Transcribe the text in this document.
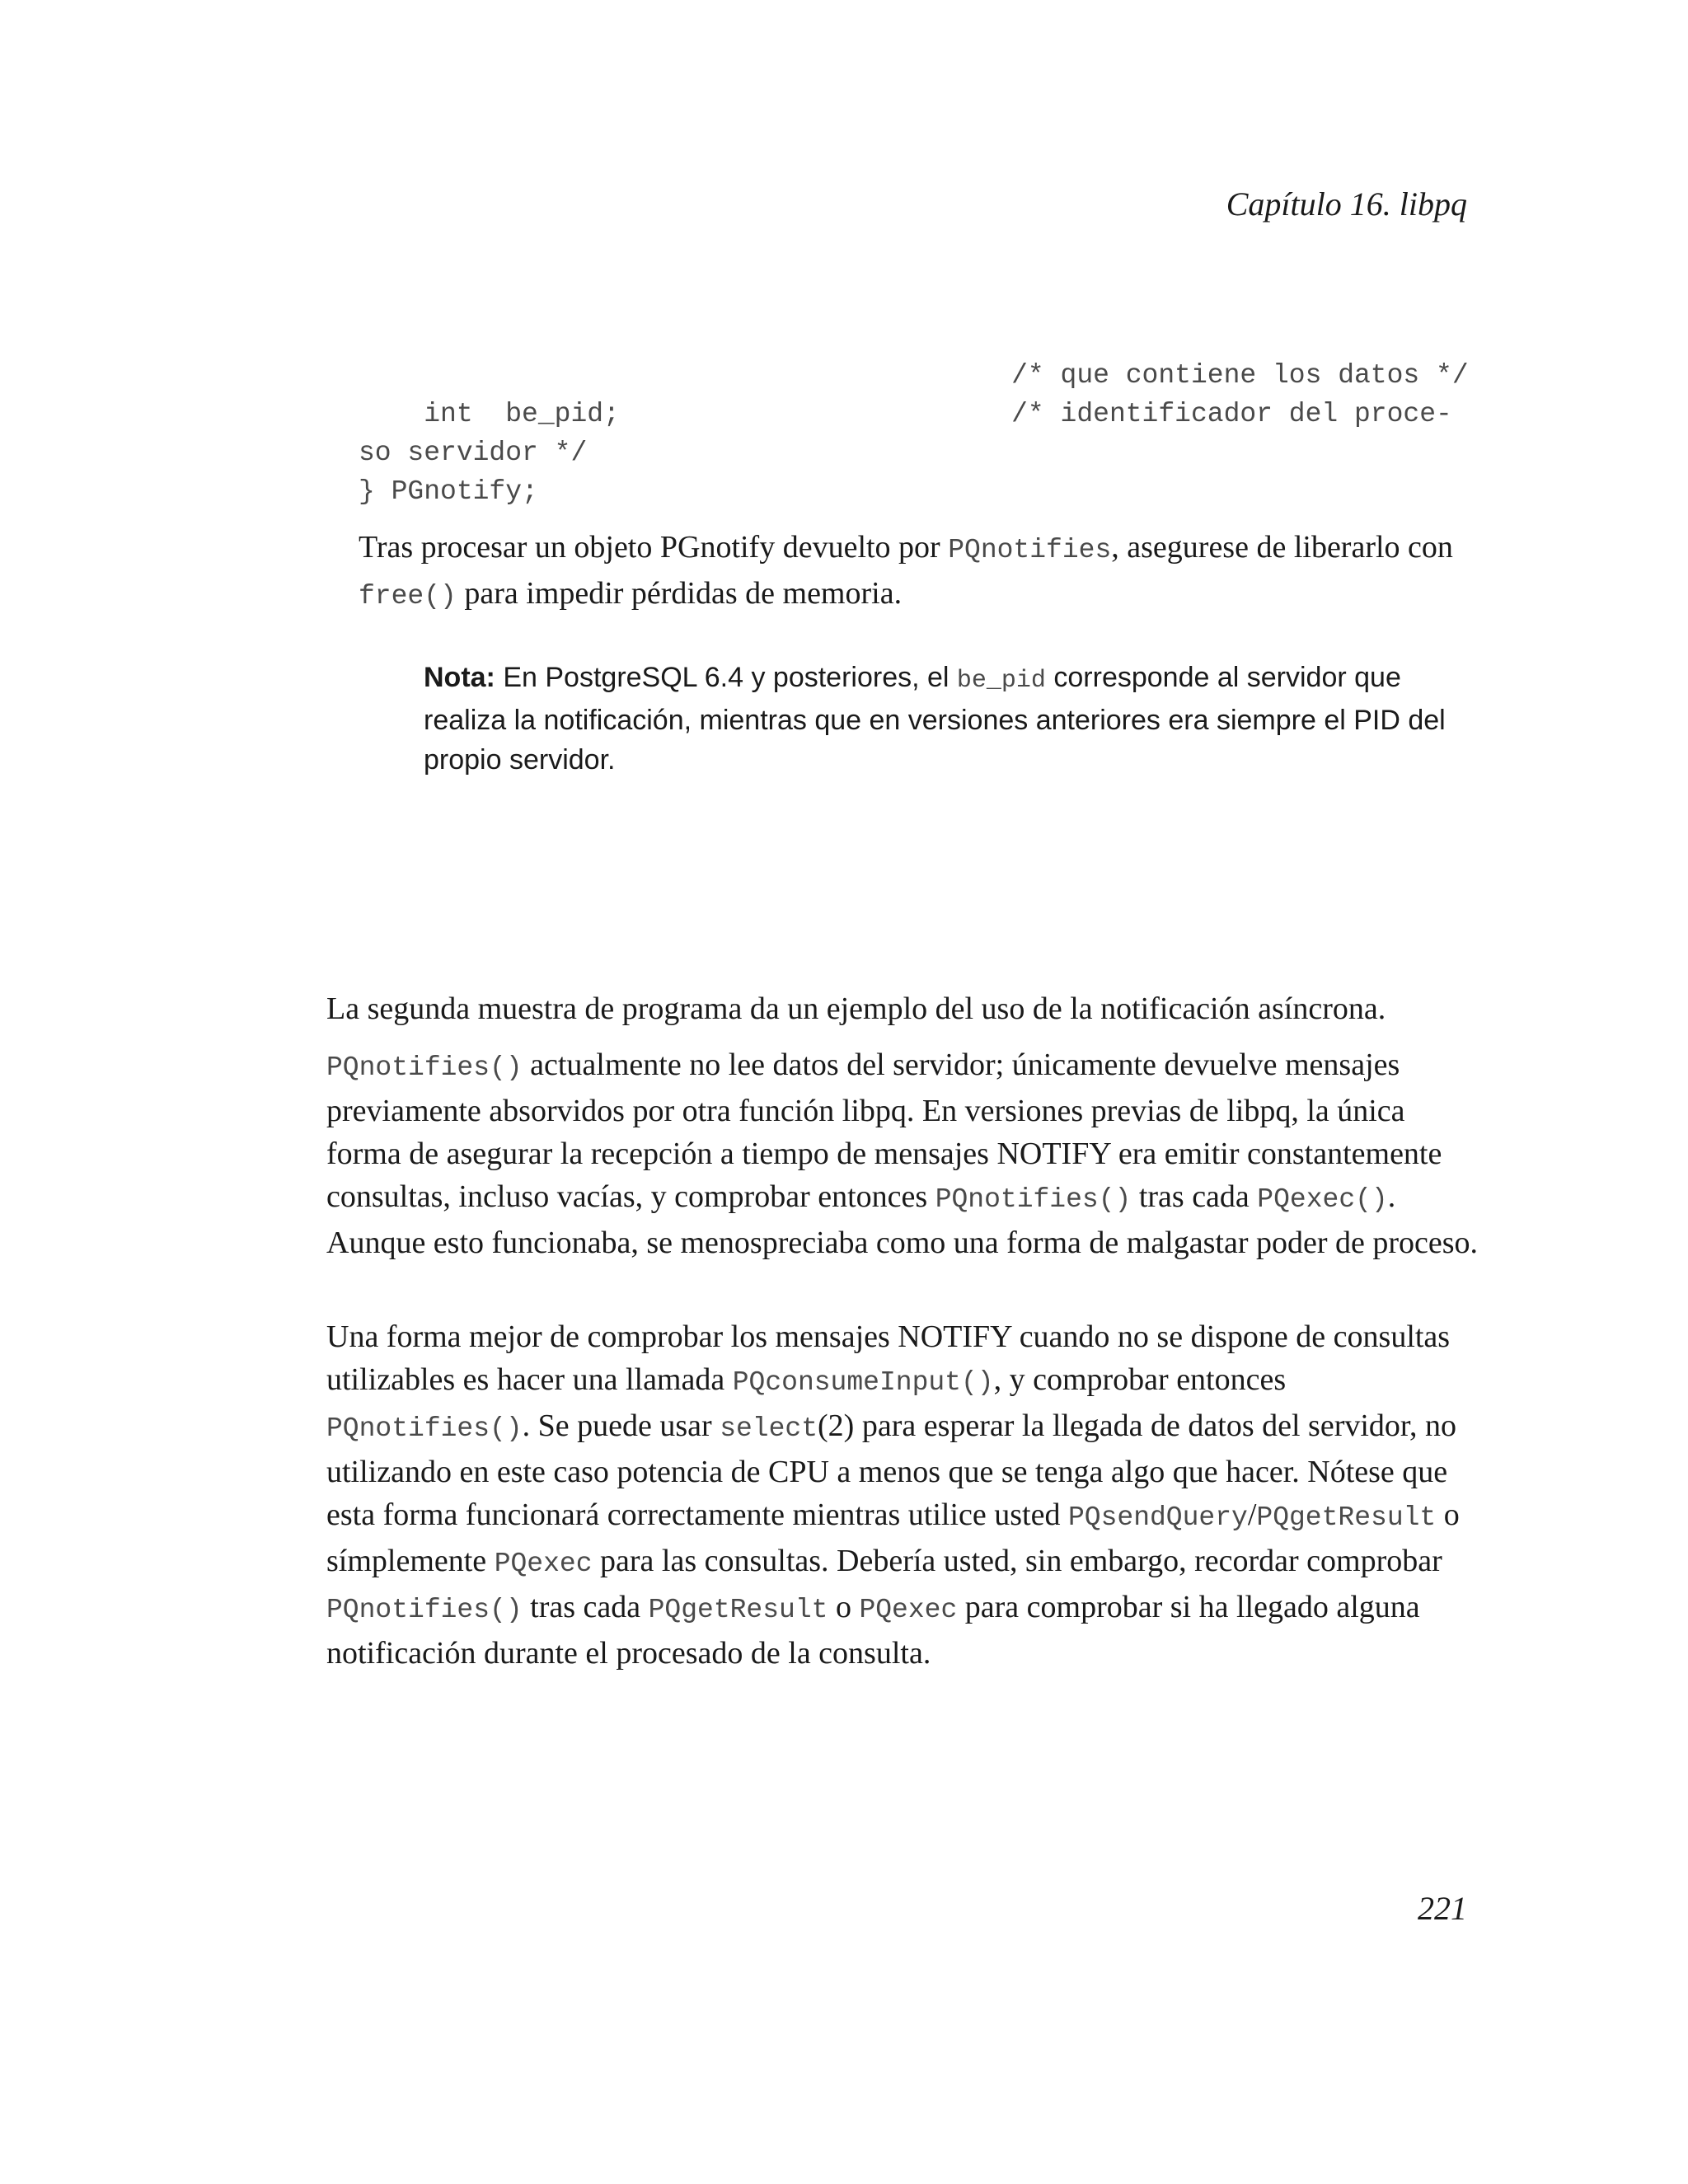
Capítulo 16. libpq
/* que contiene los datos */
int  be_pid;                        /* identificador del proce-
so servidor */
} PGnotify;

Tras procesar un objeto PGnotify devuelto por PQnotifies, asegurese de liberarlo con free() para impedir pérdidas de memoria.

Nota: En PostgreSQL 6.4 y posteriores, el be_pid corresponde al servidor que realiza la notificación, mientras que en versiones anteriores era siempre el PID del propio servidor.

La segunda muestra de programa da un ejemplo del uso de la notificación asíncrona.

PQnotifies() actualmente no lee datos del servidor; únicamente devuelve mensajes previamente absorvidos por otra función libpq. En versiones previas de libpq, la única forma de asegurar la recepción a tiempo de mensajes NOTIFY era emitir constantemente consultas, incluso vacías, y comprobar entonces PQnotifies() tras cada PQexec(). Aunque esto funcionaba, se menospreciaba como una forma de malgastar poder de proceso.

Una forma mejor de comprobar los mensajes NOTIFY cuando no se dispone de consultas utilizables es hacer una llamada PQconsumeInput(), y comprobar entonces PQnotifies(). Se puede usar select(2) para esperar la llegada de datos del servidor, no utilizando en este caso potencia de CPU a menos que se tenga algo que hacer. Nótese que esta forma funcionará correctamente mientras utilice usted PQsendQuery/PQgetResult o símplemente PQexec para las consultas. Debería usted, sin embargo, recordar comprobar PQnotifies() tras cada PQgetResult o PQexec para comprobar si ha llegado alguna notificación durante el procesado de la consulta.

221
